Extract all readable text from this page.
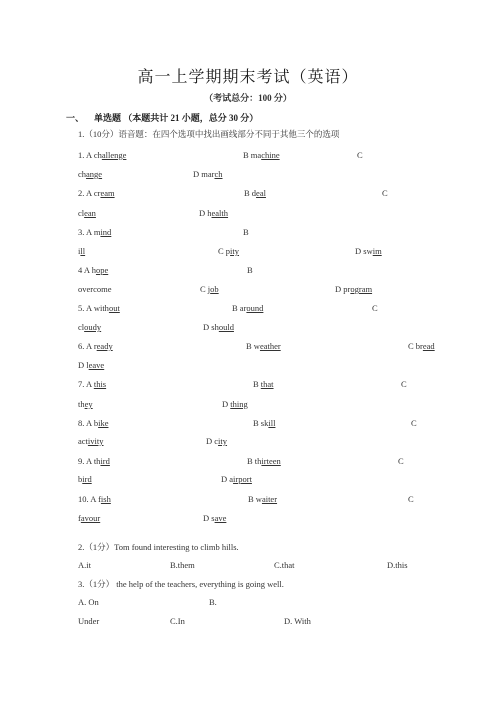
高一上学期期末考试（英语）
（考试总分：100 分）
一、 单选题 （本题共计 21 小题，总分 30 分）
1.（10分）语音题：在四个选项中找出画线部分不同于其他三个的选项
1. A challenge	B machine	C
change	D march
2. A cream	B deal	C
clean	D health
3. A mind	B
ill	C pity	D swim
4 A hope	B
overcome	C job	D program
5. A without	B around	C
cloudy	D should
6. A ready	B weather	C bread
D leave
7. A this	B that	C
they	D thing
8. A bike	B skill	C
activity	D city
9. A third	B thirteen	C
bird	D airport
10. A fish	B waiter	C
favour	D save
2.（1分）Tom found interesting to climb hills.
A.it	B.them	C.that	D.this
3.（1分） the help of the teachers, everything is going well.
A. On	B.
Under	C.In	D. With
